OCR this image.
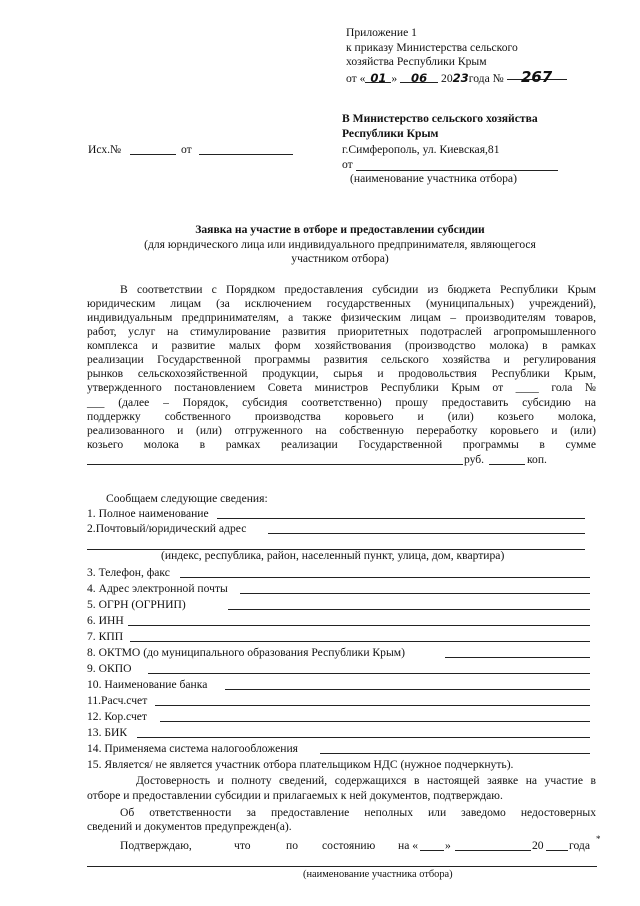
Приложение 1
к приказу Министерства сельского
хозяйства Республики Крым
от « 01 » 06 2023года № 267
В Министерство сельского хозяйства
Республики Крым
г.Симферополь, ул. Киевская,81
от
(наименование участника отбора)
Исх.№	от
Заявка на участие в отборе и предоставлении субсидии
(для юрндического лица или индивидуального предпринимателя, являющегося
участником отбора)
В соответствии с Порядком предоставления субсидии из бюджета Республики Крым
юридическим лицам (за исключением государственных (муниципальных) учреждений),
индивидуальным предпринимателям, а также физическим лицам – производителям товаров,
работ, услуг на стимулирование развития приоритетных подотраслей агропромышленного
комплекса и развитие малых форм хозяйствования (производство молока) в рамках
реализации Государственной программы развития сельского хозяйства и регулирования
рынков сельскохозяйственной продукции, сырья и продовольствия Республики Крым,
утвержденного постановлением Совета министров Республики Крым от ____ гола №
___ (далее – Порядок, субсидия соответственно) прошу предоставить субсидию на
поддержку собственного производства коровьего и (или) козьего молока,
реализованного и (или) отгруженного на собственную переработку коровьего и (или)
козьего молока в рамках реализации Государственной программы в сумме
руб.	коп.
Сообщаем следующие сведения:
1. Полное наименование
2.Почтовый/юридический адрес
(индекс, республика, район, населенный пункт, улица, дом, квартира)
3. Телефон, факс
4. Адрес электронной почты
5. ОГРН (ОГРНИП)
6. ИНН
7. КПП
8. ОКТМО (до муниципального образования Республики Крым)
9. ОКПО
10. Наименование банка
11.Расч.счет
12. Кор.счет
13. БИК
14. Применяема система налогообложения
15. Является/ не является участник отбора плательщиком НДС (нужное подчеркнуть).
Достоверность и полноту сведений, содержащихся в настоящей заявке на участие в
отборе и предоставлении субсидии и прилагаемых к ней документов, подтверждаю.
Об ответственности за предоставление неполных или заведомо недостоверных
сведений и документов предупрежден(а).
Подтверждаю,	что	по состоянию на « »	20 года *
(наименование участника отбора)
